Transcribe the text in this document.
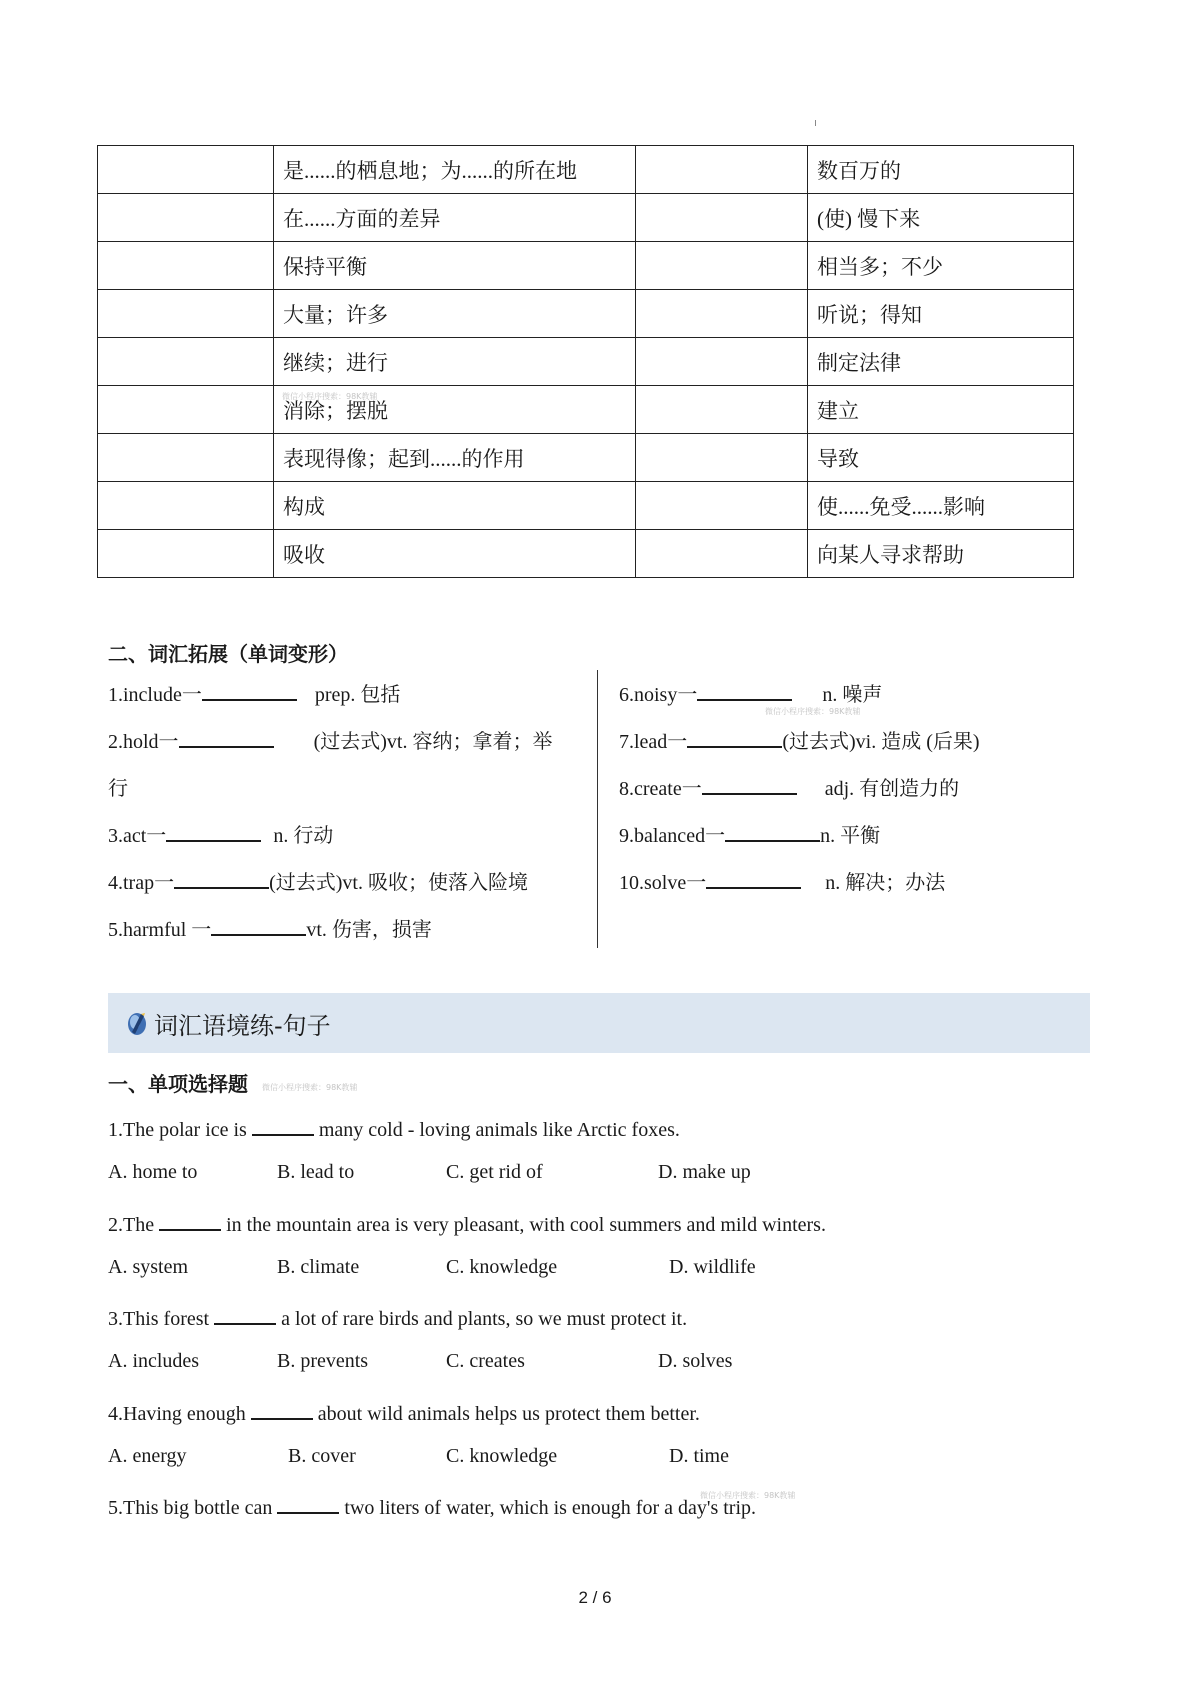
	是......的栖息地；为......的所在地		数百万的
	在......方面的差异		(使) 慢下来
	保持平衡		相当多；不少
	大量；许多		听说；得知
	继续；进行		制定法律
	消除；摆脱		建立
	表现得像；起到......的作用		导致
	构成		使......免受......影响
	吸收		向某人寻求帮助
二、词汇拓展（单词变形）
1.include一	prep. 包括
2.hold一	(过去式)vt. 容纳；拿着；举
行
3.act一	n. 行动
4.trap一	(过去式)vt. 吸收；使落入险境
5.harmful 一	vt. 伤害，损害
6.noisy一	n. 噪声
7.lead一	(过去式)vi. 造成 (后果)
8.create一	adj. 有创造力的
9.balanced一	n. 平衡
10.solve一	n. 解决；办法
词汇语境练-句子
一、单项选择题
1.The polar ice is	many cold - loving animals like Arctic foxes.
A. home to	B. lead to	C. get rid of	D. make up
2.The	in the mountain area is very pleasant, with cool summers and mild winters.
A. system	B. climate	C. knowledge	D. wildlife
3.This forest	a lot of rare birds and plants, so we must protect it.
A. includes	B. prevents	C. creates	D. solves
4.Having enough	about wild animals helps us protect them better.
A. energy	B. cover	C. knowledge	D. time
5.This big bottle can	two liters of water, which is enough for a day's trip.
微信小程序搜索：98K教辅
微信小程序搜索：98K教辅
微信小程序搜索：98K教辅
微信小程序搜索：98K教辅
2 / 6
